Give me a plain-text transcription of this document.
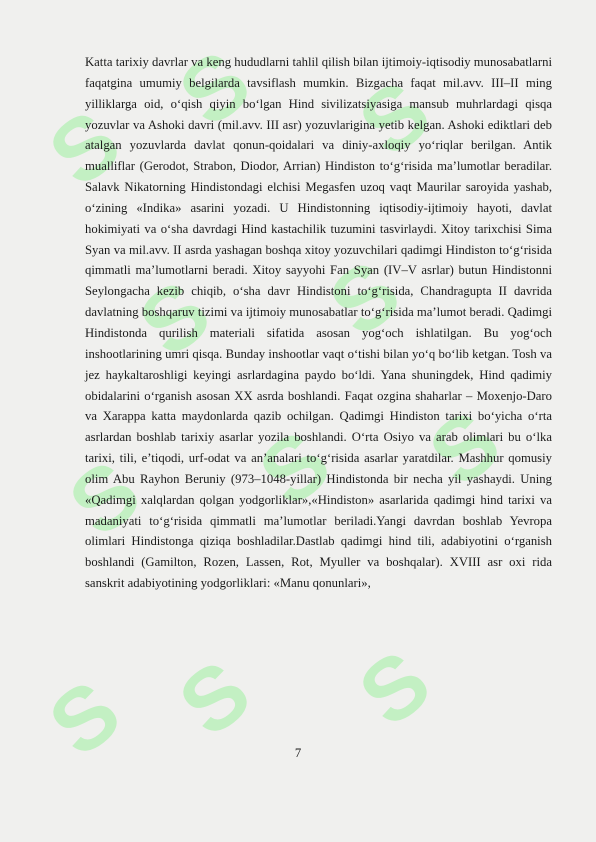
S
S S
S S
S S S
S S S

Katta tarixiy davrlar va keng hududlarni tahlil qilish bilan ijtimoiy-iqtisodiy munosabatlarni faqatgina umumiy belgilarda tavsiflash mumkin. Bizgacha faqat mil.avv. III–II ming yilliklarga oid, o‘qish qiyin bo‘lgan Hind sivilizatsiyasiga mansub muhrlardagi qisqa yozuvlar va Ashoki davri (mil.avv. III asr) yozuvlarigina yetib kelgan. Ashoki ediktlari deb atalgan yozuvlarda davlat qonun-qoidalari va diniy-axloqiy yo‘riqlar berilgan. Antik mualliflar (Gerodot, Strabon, Diodor, Arrian) Hindiston to‘g‘risida ma’lumotlar beradilar. Salavk Nikatorning Hindistondagi elchisi Megasfen uzoq vaqt Maurilar saroyida yashab, o‘zining «Indika» asarini yozadi. U Hindistonning iqtisodiy-ijtimoiy hayoti, davlat hokimiyati va o‘sha davrdagi Hind kastachilik tuzumini tasvirlaydi. Xitoy tarixchisi Sima Syan va mil.avv. II asrda yashagan boshqa xitoy yozuvchilari qadimgi Hindiston to‘g‘risida qimmatli ma’lumotlarni beradi. Xitoy sayyohi Fan Syan (IV–V asrlar) butun Hindistonni Seylongacha kezib chiqib, o‘sha davr Hindistoni to‘g‘risida, Chandragupta II davrida davlatning boshqaruv tizimi va ijtimoiy munosabatlar to‘g‘risida ma’lumot beradi. Qadimgi Hindistonda qurilish materiali sifatida asosan yog‘och ishlatilgan. Bu yog‘och inshootlarining umri qisqa. Bunday inshootlar vaqt o‘tishi bilan yo‘q bo‘lib ketgan. Tosh va jez haykaltaroshligi keyingi asrlardagina paydo bo‘ldi. Yana shuningdek, Hind qadimiy obidalarini o‘rganish asosan XX asrda boshlandi. Faqat ozgina shaharlar – Moxenjo-Daro va Xarappa katta maydonlarda qazib ochilgan. Qadimgi Hindiston tarixi bo‘yicha o‘rta asrlardan boshlab tarixiy asarlar yozila boshlandi. O‘rta Osiyo va arab olimlari bu o‘lka tarixi, tili, e’tiqodi, urf-odat va an’analari to‘g‘risida asarlar yaratdilar. Mashhur qomusiy olim Abu Rayhon Beruniy (973–1048-yillar) Hindistonda bir necha yil yashaydi. Uning «Qadimgi xalqlardan qolgan yodgorliklar»,«Hindiston» asarlarida qadimgi hind tarixi va madaniyati to‘g‘risida qimmatli ma’lumotlar beriladi.Yangi davrdan boshlab Yevropa olimlari Hindistonga qiziqa boshladilar.Dastlab qadimgi hind tili, adabiyotini o‘rganish boshlandi (Gamilton, Rozen, Lassen, Rot, Myuller va boshqalar). XVIII asr oxi rida sanskrit adabiyotining yodgorliklari: «Manu qonunlari»,

7
